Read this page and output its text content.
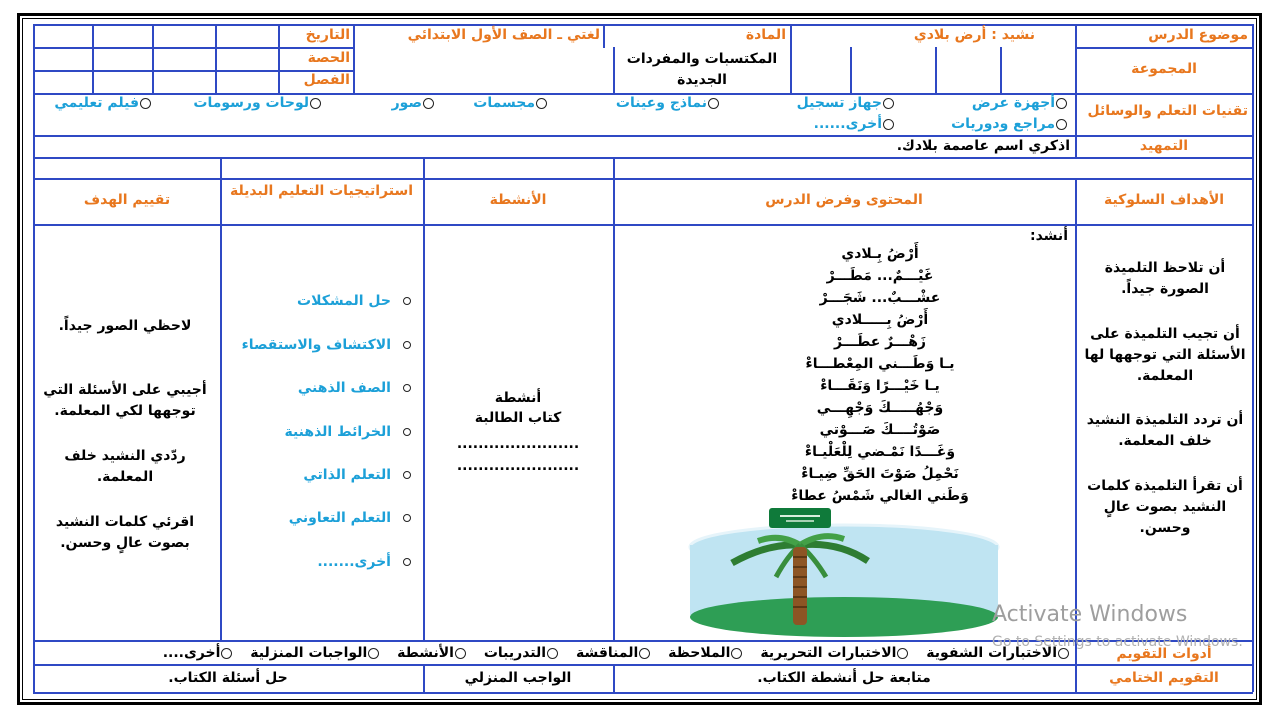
موضوع الدرس
نشيد : أرض بلادي
المادة
لغتي ـ الصف الأول الابتدائي
التاريخ
المجموعة
المكتسبات والمفردات الجديدة
الحصة
الفصل
تقنيات التعلم والوسائل
أجهزة عرض
جهاز تسجيل
نماذج وعينات
مجسمات
صور
لوحات ورسومات
فيلم تعليمي
مراجع ودوريات
أخرى......
التمهيد
اذكري اسم عاصمة بلادك.
الأهداف السلوكية
المحتوى وفرض الدرس
الأنشطة
استراتيجيات التعليم البديلة
تقييم الهدف
أن تلاحظ التلميذة الصورة جيداً.
أن تجيب التلميذة على الأسئلة التي توجهها لها المعلمة.
أن تردد التلميذة النشيد خلف المعلمة.
أن تقرأ التلميذة كلمات النشيد بصوت عالٍ وحسن.
أنشد:
أَرْضُ بِـلادي
غَيْـــمٌ... مَطَـــرْ
عشْـــبٌ... شَجَـــرْ
أَرْضُ بِـــــلادي
زَهْـــرٌ عطَـــرْ
يـا وَطَـــني المِعْطـــاءْ
يـا خَيْـــرًا وَنَقَـــاءْ
وَجْهُـــــكَ وَجْهِـــي
صَوْتُــــكَ صَـــوْتي
وَغَـــدًا نَمْـضي لِلْعَلْيـاءْ
نَحْمِلُ صَوْتَ الحَقِّ ضِيـاءْ
وَطَني الغالي شَمْسُ عطاءْ
أنشطة
كتاب الطالبة
.......................
.......................
حل المشكلات
الاكتشاف والاستقصاء
الصف الذهني
الخرائط الذهنية
التعلم الذاتي
التعلم التعاوني
أخرى.......
لاحظي الصور جيداً.
أجيبي على الأسئلة التي توجهها لكي المعلمة.
ردّدي النشيد خلف المعلمة.
اقرئي كلمات النشيد بصوت عالٍ وحسن.
أدوات التقويم
الاختبارات الشفوية الاختبارات التحريرية الملاحظة المناقشة التدريبات الأنشطة الواجبات المنزلية أخرى....
التقويم الختامي
متابعة حل أنشطة الكتاب.
الواجب المنزلي
حل أسئلة الكتاب.
Activate Windows
Go to Settings to activate Windows.
